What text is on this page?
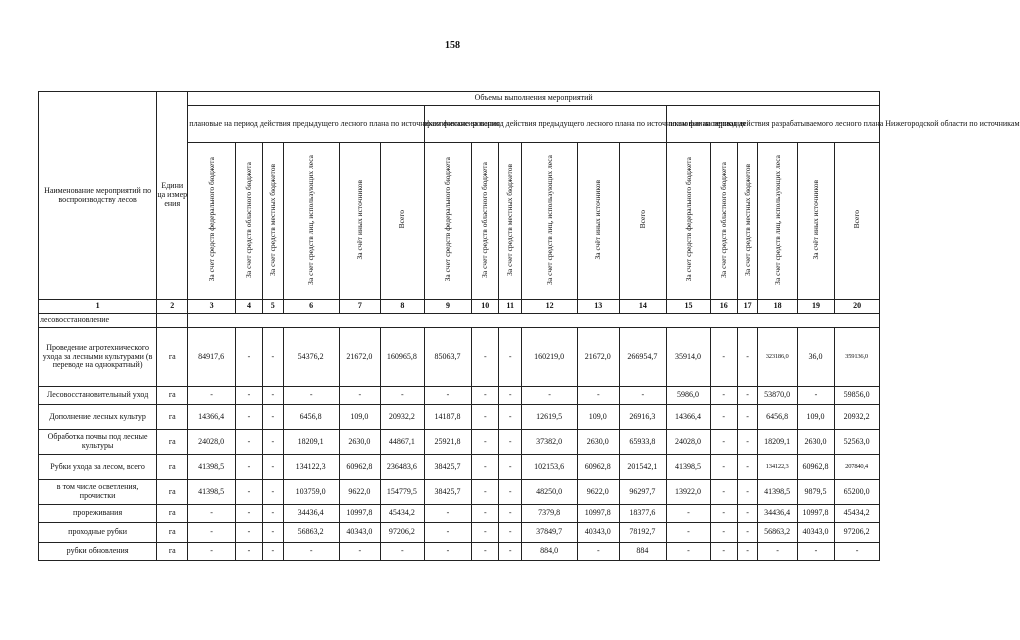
158
Наименование мероприятий по воспроизводству лесов	Едини ца измер ения	Объемы выполнения мероприятий																	
		плановые на период действия предыдущего лесного плана по источникам финансирования						фактические за период действия предыдущего лесного плана по источникам финансирования						плановые на период действия разрабатываемого лесного плана Нижегородской области по источникам					
		За счет средств федерального бюджета	За счет средств областного бюджета	За счет средств местных бюджетов	За счет средств лиц, использующих леса	За счёт иных источников	Всего	За счет средств федерального бюджета	За счет средств областного бюджета	За счет средств местных бюджетов	За счет средств лиц, использующих леса	За счёт иных источников	Всего	За счет средств федерального бюджета	За счет средств областного бюджета	За счет средств местных бюджетов	За счет средств лиц, использующих леса	За счёт иных источников	Всего
1	2	3	4	5	6	7	8	9	10	11	12	13	14	15	16	17	18	19	20
лесовосстановление																			
Проведение агротехнического ухода за лесными культурами (в переводе на однократный)	га	84917,6	-	-	54376,2	21672,0	160965,8	85063,7	-	-	160219,0	21672,0	266954,7	35914,0	-	-	323186,0	36,0	359136,0
Лесовосстановительный уход	га	-	-	-	-	-	-	-	-	-	-	-	-	5986,0	-	-	53870,0	-	59856,0
Дополнение лесных культур	га	14366,4	-	-	6456,8	109,0	20932,2	14187,8	-	-	12619,5	109,0	26916,3	14366,4	-	-	6456,8	109,0	20932,2
Обработка почвы под лесные культуры	га	24028,0	-	-	18209,1	2630,0	44867,1	25921,8	-	-	37382,0	2630,0	65933,8	24028,0	-	-	18209,1	2630,0	52563,0
Рубки ухода за лесом, всего	га	41398,5	-	-	134122,3	60962,8	236483,6	38425,7	-	-	102153,6	60962,8	201542,1	41398,5	-	-	134122,3	60962,8	207840,4
в том числе осветления, прочистки	га	41398,5	-	-	103759,0	9622,0	154779,5	38425,7	-	-	48250,0	9622,0	96297,7	13922,0	-	-	41398,5	9879,5	65200,0
прореживания	га	-	-	-	34436,4	10997,8	45434,2	-	-	-	7379,8	10997,8	18377,6	-	-	-	34436,4	10997,8	45434,2
проходные рубки	га	-	-	-	56863,2	40343,0	97206,2	-	-	-	37849,7	40343,0	78192,7	-	-	-	56863,2	40343,0	97206,2
рубки обновления	га	-	-	-	-	-	-	-	-	-	884,0	-	884	-	-	-	-	-	-
